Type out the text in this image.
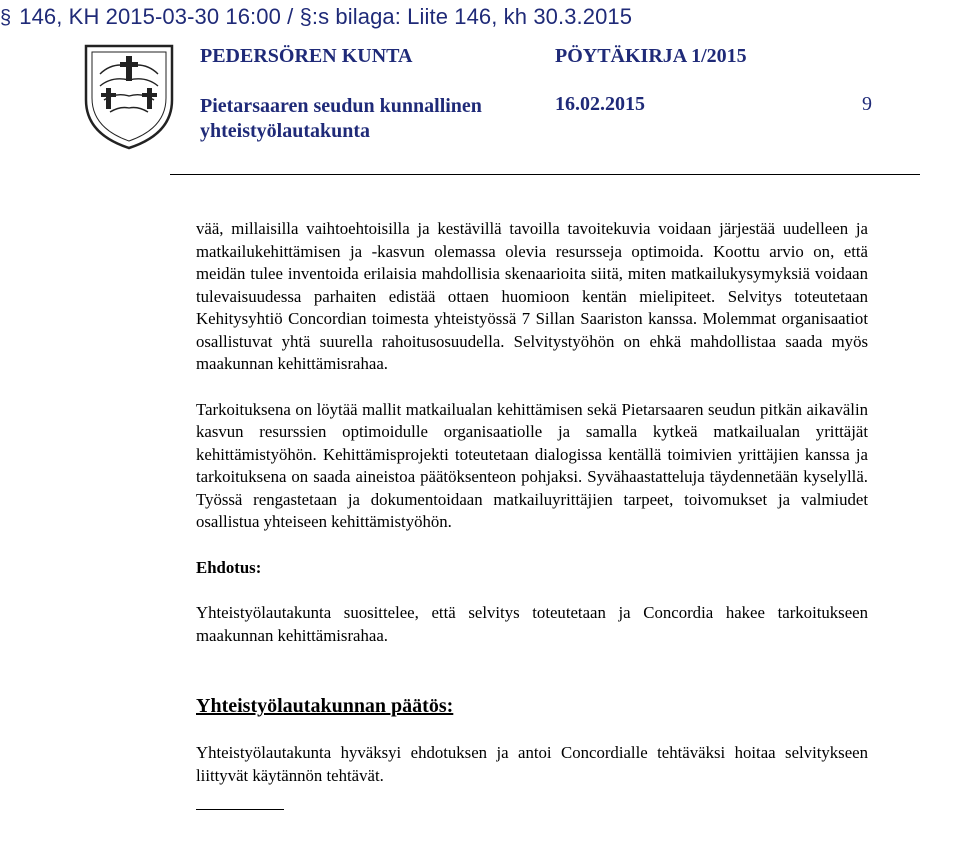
§ 146, KH 2015-03-30 16:00 / §:s bilaga: Liite 146, kh 30.3.2015
PEDERSÖREN KUNTA
Pietarsaaren seudun kunnallinen
yhteistyölautakunta
PÖYTÄKIRJA 1/2015
16.02.2015	9

vää, millaisilla vaihtoehtoisilla ja kestävillä tavoilla tavoitekuvia voidaan järjestää uudelleen ja matkailukehittämisen ja -kasvun olemassa olevia resursseja optimoida. Koottu arvio on, että meidän tulee inventoida erilaisia mahdollisia skenaarioita siitä, miten matkailukysymyksiä voidaan tulevaisuudessa parhaiten edistää ottaen huomioon kentän mielipiteet. Selvitys toteutetaan Kehitysyhtiö Concordian toimesta yhteistyössä 7 Sillan Saariston kanssa. Molemmat organisaatiot osallistuvat yhtä suurella rahoitusosuudella. Selvitystyöhön on ehkä mahdollistaa saada myös maakunnan kehittämisrahaa.

Tarkoituksena on löytää mallit matkailualan kehittämisen sekä Pietarsaaren seudun pitkän aikavälin kasvun resurssien optimoidulle organisaatiolle ja samalla kytkeä matkailualan yrittäjät kehittämistyöhön. Kehittämisprojekti toteutetaan dialogissa kentällä toimivien yrittäjien kanssa ja tarkoituksena on saada aineistoa päätöksenteon pohjaksi. Syvähaastatteluja täydennetään kyselyllä. Työssä rengastetaan ja dokumentoidaan matkailuyrittäjien tarpeet, toivomukset ja valmiudet osallistua yhteiseen kehittämistyöhön.

Ehdotus:

Yhteistyölautakunta suosittelee, että selvitys toteutetaan ja Concordia hakee tarkoitukseen maakunnan kehittämisrahaa.

Yhteistyölautakunnan päätös:

Yhteistyölautakunta hyväksyi ehdotuksen ja antoi Concordialle tehtäväksi hoitaa selvitykseen liittyvät käytännön tehtävät.
